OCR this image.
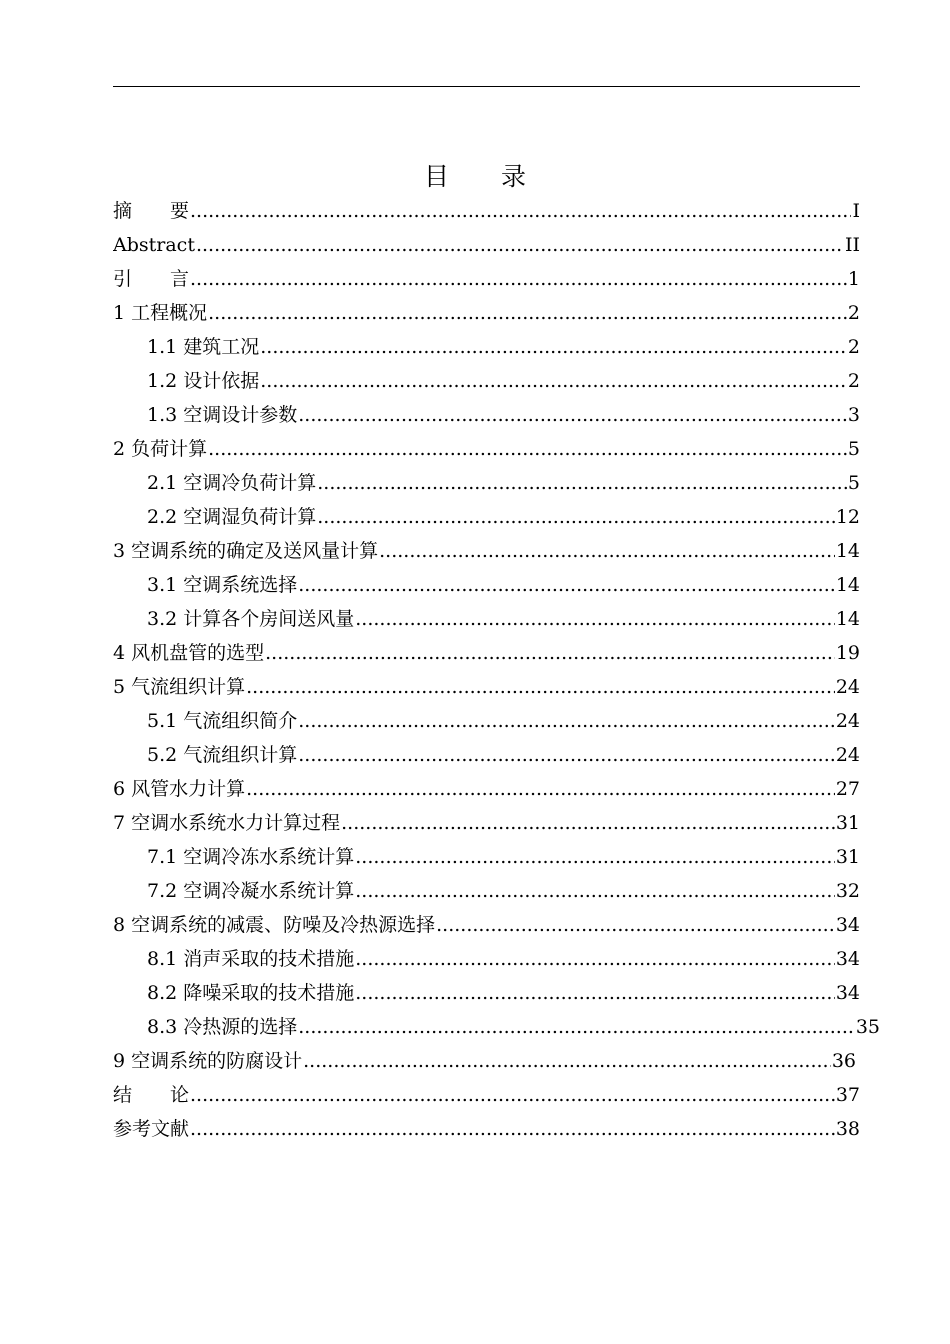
目 录
摘　　要 .....	I
Abstract .....	II
引　　言 .....	1
1 工程概况 .....	2
1.1 建筑工况 .....	2
1.2 设计依据 .....	2
1.3 空调设计参数 .....	3
2 负荷计算 .....	5
2.1 空调冷负荷计算 .....	5
2.2 空调湿负荷计算 .....	12
3 空调系统的确定及送风量计算 .....	14
3.1 空调系统选择 .....	14
3.2 计算各个房间送风量 .....	14
4 风机盘管的选型 .....	19
5 气流组织计算 .....	24
5.1 气流组织简介 .....	24
5.2 气流组织计算 .....	24
6 风管水力计算 .....	27
7 空调水系统水力计算过程 .....	31
7.1 空调冷冻水系统计算 .....	31
7.2 空调冷凝水系统计算 .....	32
8 空调系统的减震、防噪及冷热源选择 .....	34
8.1 消声采取的技术措施 .....	34
8.2 降噪采取的技术措施 .....	34
8.3 冷热源的选择 .....	35
9 空调系统的防腐设计 .....	36
结　　论 .....	37
参考文献 .....	38
